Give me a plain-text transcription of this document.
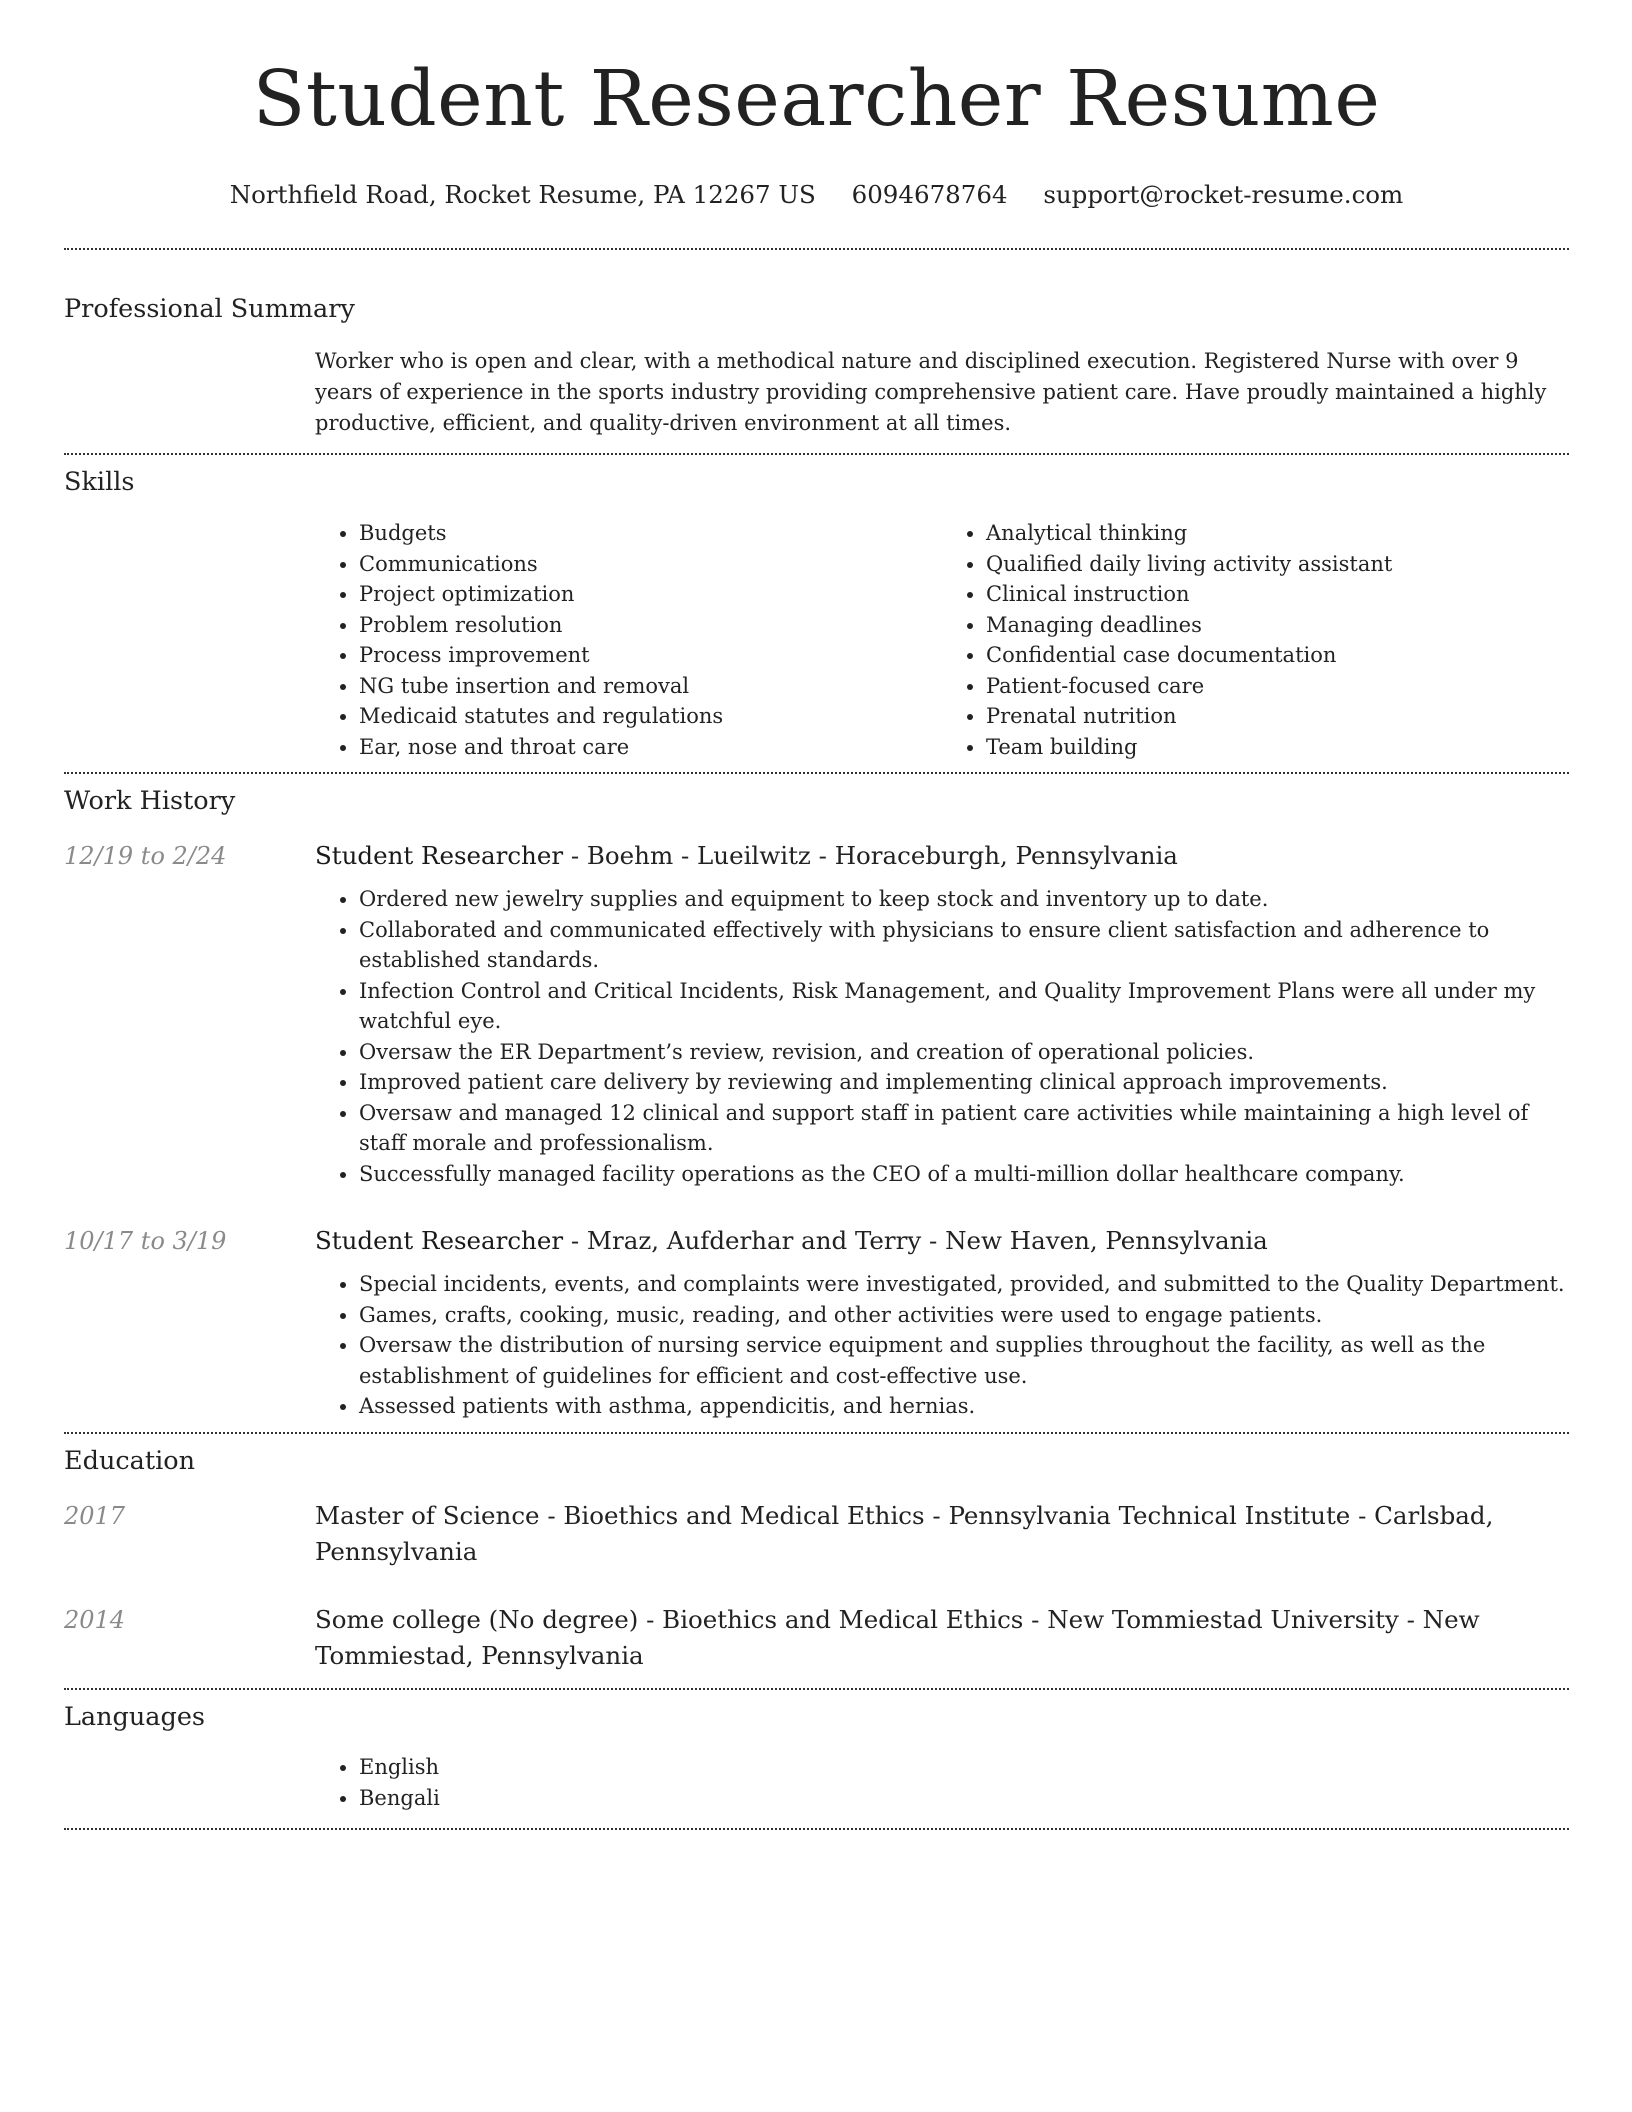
Student Researcher Resume
Northfield Road, Rocket Resume, PA 12267 US 6094678764 support@rocket-resume.com
Professional Summary

Worker who is open and clear, with a methodical nature and disciplined execution. Registered Nurse with over 9 years of experience in the sports industry providing comprehensive patient care. Have proudly maintained a highly productive, efficient, and quality-driven environment at all times.

Skills
• Budgets
• Communications
• Project optimization
• Problem resolution
• Process improvement
• NG tube insertion and removal
• Medicaid statutes and regulations
• Ear, nose and throat care
• Analytical thinking
• Qualified daily living activity assistant
• Clinical instruction
• Managing deadlines
• Confidential case documentation
• Patient-focused care
• Prenatal nutrition
• Team building
Work History
12/19 to 2/24	Student Researcher - Boehm - Lueilwitz - Horaceburgh, Pennsylvania

• Ordered new jewelry supplies and equipment to keep stock and inventory up to date.
• Collaborated and communicated effectively with physicians to ensure client satisfaction and adherence to established standards.
• Infection Control and Critical Incidents, Risk Management, and Quality Improvement Plans were all under my watchful eye.
• Oversaw the ER Department’s review, revision, and creation of operational policies.
• Improved patient care delivery by reviewing and implementing clinical approach improvements.
• Oversaw and managed 12 clinical and support staff in patient care activities while maintaining a high level of staff morale and professionalism.
• Successfully managed facility operations as the CEO of a multi-million dollar healthcare company.
10/17 to 3/19	Student Researcher - Mraz, Aufderhar and Terry - New Haven, Pennsylvania

• Special incidents, events, and complaints were investigated, provided, and submitted to the Quality Department.
• Games, crafts, cooking, music, reading, and other activities were used to engage patients.
• Oversaw the distribution of nursing service equipment and supplies throughout the facility, as well as the establishment of guidelines for efficient and cost-effective use.
• Assessed patients with asthma, appendicitis, and hernias.
Education
2017	Master of Science - Bioethics and Medical Ethics - Pennsylvania Technical Institute - Carlsbad, Pennsylvania

2014	Some college (No degree) - Bioethics and Medical Ethics - New Tommiestad University - New Tommiestad, Pennsylvania

Languages
• English
• Bengali
